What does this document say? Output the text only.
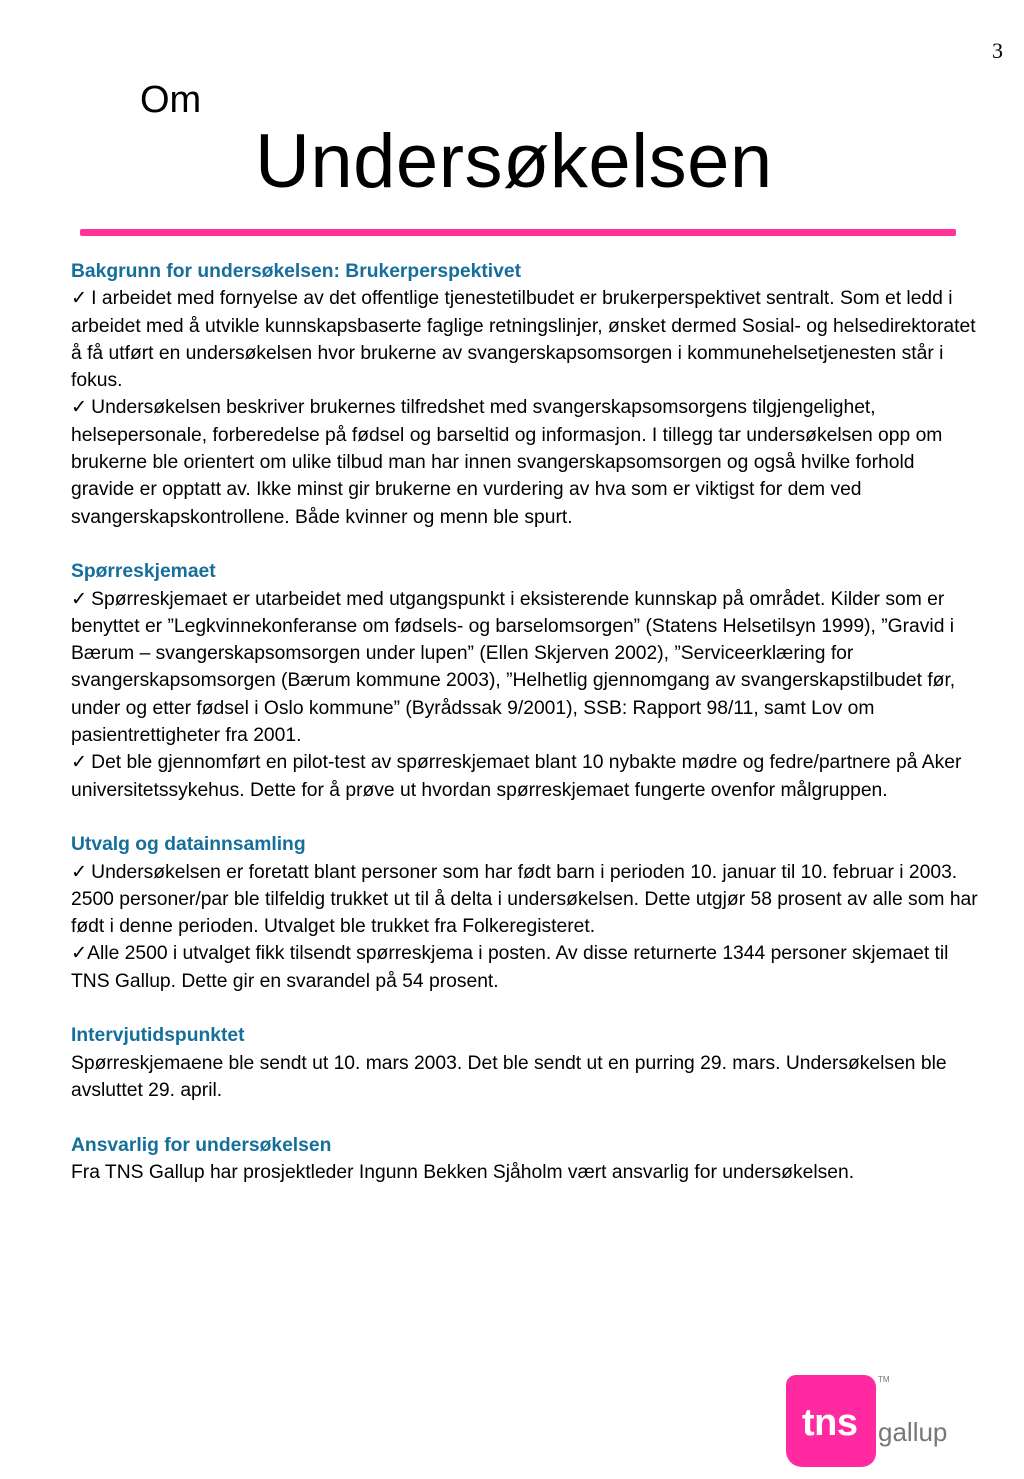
3
Om
Undersøkelsen
Bakgrunn for undersøkelsen: Brukerperspektivet

✓ I arbeidet med fornyelse av det offentlige tjenestetilbudet er brukerperspektivet sentralt. Som et ledd i arbeidet med å utvikle kunnskapsbaserte faglige retningslinjer, ønsket dermed Sosial- og helsedirektoratet å få utført en undersøkelsen hvor brukerne av svangerskapsomsorgen i kommunehelsetjenesten står i fokus.

✓ Undersøkelsen beskriver brukernes tilfredshet med svangerskapsomsorgens tilgjengelighet, helsepersonale, forberedelse på fødsel og barseltid og informasjon. I tillegg tar undersøkelsen opp om brukerne ble orientert om ulike tilbud man har innen svangerskapsomsorgen og også hvilke forhold gravide er opptatt av. Ikke minst gir brukerne en vurdering av hva som er viktigst for dem ved svangerskapskontrollene. Både kvinner og menn ble spurt.

Spørreskjemaet

✓ Spørreskjemaet er utarbeidet med utgangspunkt i eksisterende kunnskap på området. Kilder som er benyttet er ”Legkvinnekonferanse om fødsels- og barselomsorgen” (Statens Helsetilsyn 1999), ”Gravid i Bærum – svangerskapsomsorgen under lupen” (Ellen Skjerven 2002), ”Serviceerklæring for svangerskapsomsorgen (Bærum kommune 2003), ”Helhetlig gjennomgang av svangerskapstilbudet før, under og etter fødsel i Oslo kommune” (Byrådssak 9/2001), SSB: Rapport 98/11, samt Lov om pasientrettigheter fra 2001.

✓ Det ble gjennomført en pilot-test av spørreskjemaet blant 10 nybakte mødre og fedre/partnere på Aker universitetssykehus. Dette for å prøve ut hvordan spørreskjemaet fungerte ovenfor målgruppen.

Utvalg og datainnsamling

✓ Undersøkelsen er foretatt blant personer som har født barn i perioden 10. januar til 10. februar i 2003. 2500 personer/par ble tilfeldig trukket ut til å delta i undersøkelsen. Dette utgjør 58 prosent av alle som har født i denne perioden. Utvalget ble trukket fra Folkeregisteret.

✓Alle 2500 i utvalget fikk tilsendt spørreskjema i posten. Av disse returnerte 1344 personer skjemaet til TNS Gallup. Dette gir en svarandel på 54 prosent.

Intervjutidspunktet

Spørreskjemaene ble sendt ut 10. mars 2003. Det ble sendt ut en purring 29. mars. Undersøkelsen ble avsluttet 29. april.

Ansvarlig for undersøkelsen

Fra TNS Gallup har prosjektleder Ingunn Bekken Sjåholm vært ansvarlig for undersøkelsen.

tns
TM
gallup
